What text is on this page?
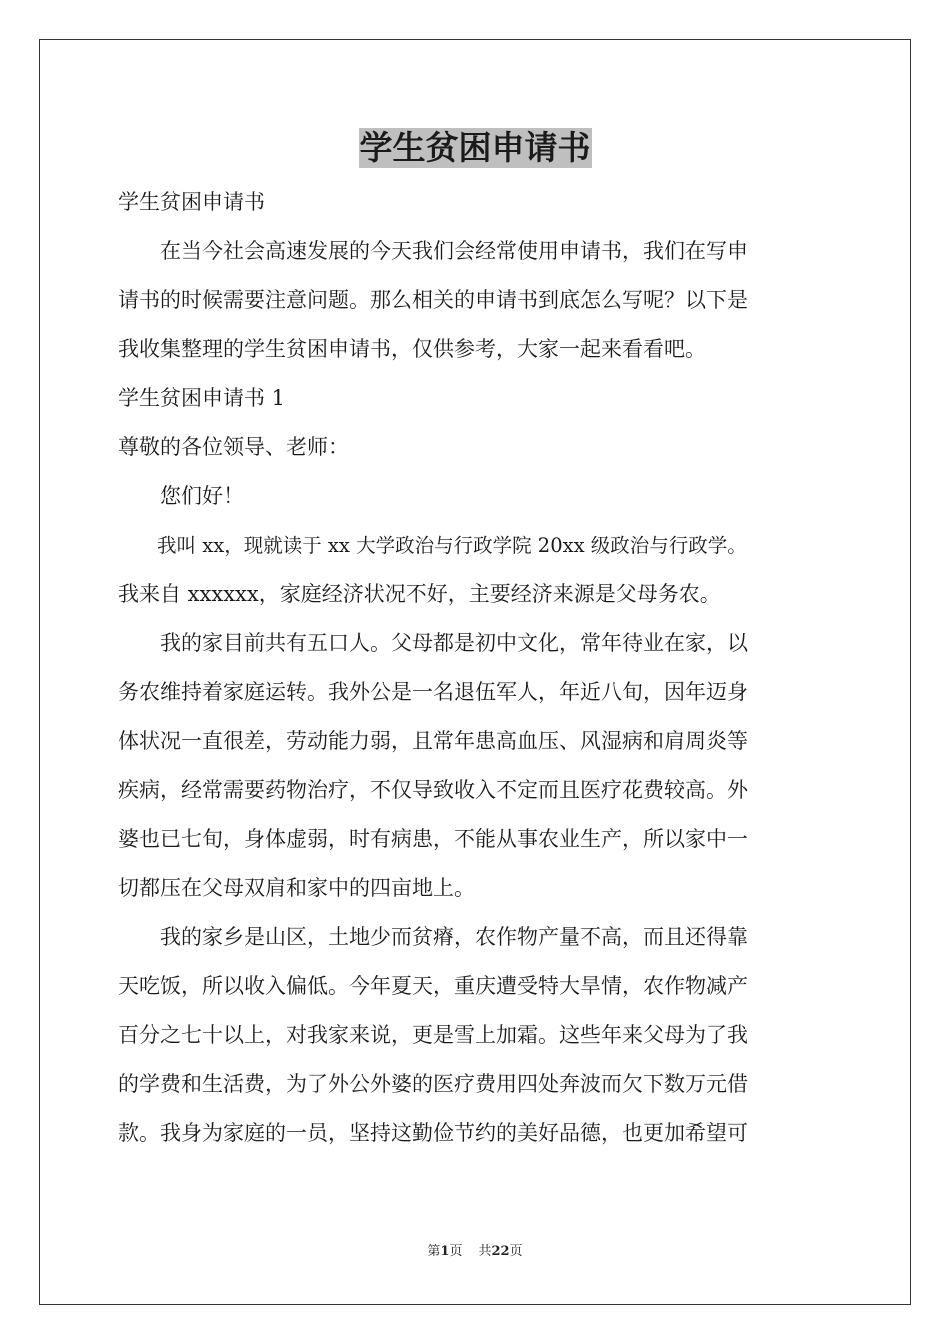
学生贫困申请书
学生贫困申请书
　　在当今社会高速发展的今天我们会经常使用申请书，我们在写申
请书的时候需要注意问题。那么相关的申请书到底怎么写呢？以下是
我收集整理的学生贫困申请书，仅供参考，大家一起来看看吧。
学生贫困申请书 1
尊敬的各位领导、老师：
　　您们好！
　　我叫 xx，现就读于 xx 大学政治与行政学院 20xx 级政治与行政学。
我来自 xxxxxx，家庭经济状况不好，主要经济来源是父母务农。
　　我的家目前共有五口人。父母都是初中文化，常年待业在家，以
务农维持着家庭运转。我外公是一名退伍军人，年近八旬，因年迈身
体状况一直很差，劳动能力弱，且常年患高血压、风湿病和肩周炎等
疾病，经常需要药物治疗，不仅导致收入不定而且医疗花费较高。外
婆也已七旬，身体虚弱，时有病患，不能从事农业生产，所以家中一
切都压在父母双肩和家中的四亩地上。
　　我的家乡是山区，土地少而贫瘠，农作物产量不高，而且还得靠
天吃饭，所以收入偏低。今年夏天，重庆遭受特大旱情，农作物减产
百分之七十以上，对我家来说，更是雪上加霜。这些年来父母为了我
的学费和生活费，为了外公外婆的医疗费用四处奔波而欠下数万元借
款。我身为家庭的一员，坚持这勤俭节约的美好品德，也更加希望可
第1页 共22页
